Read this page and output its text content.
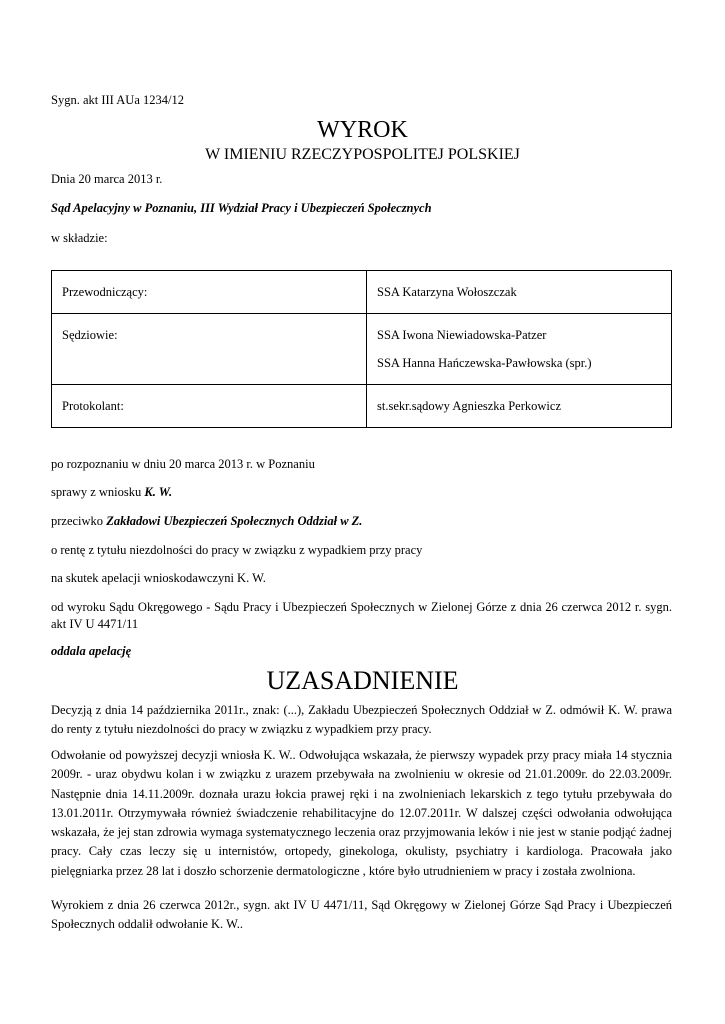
Sygn. akt III AUa 1234/12
WYROK
W IMIENIU RZECZYPOSPOLITEJ POLSKIEJ
Dnia 20 marca 2013 r.
Sąd Apelacyjny w Poznaniu, III Wydział Pracy i Ubezpieczeń Społecznych
w składzie:
Przewodniczący:	SSA Katarzyna Wołoszczak
Sędziowie:	SSA Iwona Niewiadowska-Patzer
SSA Hanna Hańczewska-Pawłowska (spr.)

Protokolant:	st.sekr.sądowy Agnieszka Perkowicz
po rozpoznaniu w dniu 20 marca 2013 r. w Poznaniu
sprawy z wniosku K. W.
przeciwko Zakładowi Ubezpieczeń Społecznych Oddział w Z.
o rentę z tytułu niezdolności do pracy w związku z wypadkiem przy pracy
na skutek apelacji wnioskodawczyni K. W.
od wyroku Sądu Okręgowego - Sądu Pracy i Ubezpieczeń Społecznych w Zielonej Górze z dnia 26 czerwca 2012 r. sygn. akt IV U 4471/11
oddala apelację
UZASADNIENIE
Decyzją z dnia 14 października 2011r., znak: (...), Zakładu Ubezpieczeń Społecznych Oddział w Z. odmówił K. W. prawa do renty z tytułu niezdolności do pracy w związku z wypadkiem przy pracy.
Odwołanie od powyższej decyzji wniosła K. W.. Odwołująca wskazała, że pierwszy wypadek przy pracy miała 14 stycznia 2009r. - uraz obydwu kolan i w związku z urazem przebywała na zwolnieniu w okresie od 21.01.2009r. do 22.03.2009r. Następnie dnia 14.11.2009r. doznała urazu łokcia prawej ręki i na zwolnieniach lekarskich z tego tytułu przebywała do 13.01.2011r. Otrzymywała również świadczenie rehabilitacyjne do 12.07.2011r. W dalszej części odwołania odwołująca wskazała, że jej stan zdrowia wymaga systematycznego leczenia oraz przyjmowania leków i nie jest w stanie podjąć żadnej pracy. Cały czas leczy się u internistów, ortopedy, ginekologa, okulisty, psychiatry i kardiologa. Pracowała jako pielęgniarka przez 28 lat i doszło schorzenie dermatologiczne , które było utrudnieniem w pracy i została zwolniona.
Wyrokiem z dnia 26 czerwca 2012r., sygn. akt IV U 4471/11, Sąd Okręgowy w Zielonej Górze Sąd Pracy i Ubezpieczeń Społecznych oddalił odwołanie K. W..
